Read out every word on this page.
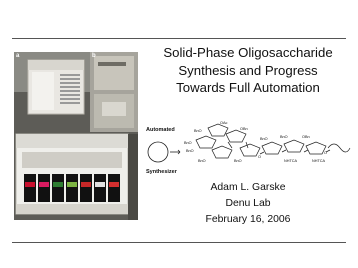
a	b	Solid-Phase Oligosaccharide
Synthesis and Progress
Towards Full Automation
Automated
Synthesizer
OAc
BnO
BnO
BnO
OBn
BnO	BnO
BnO	OBn
BnO
NHTCA	NHTCA
O
O
Adam L. Garske
Denu Lab
February 16, 2006
